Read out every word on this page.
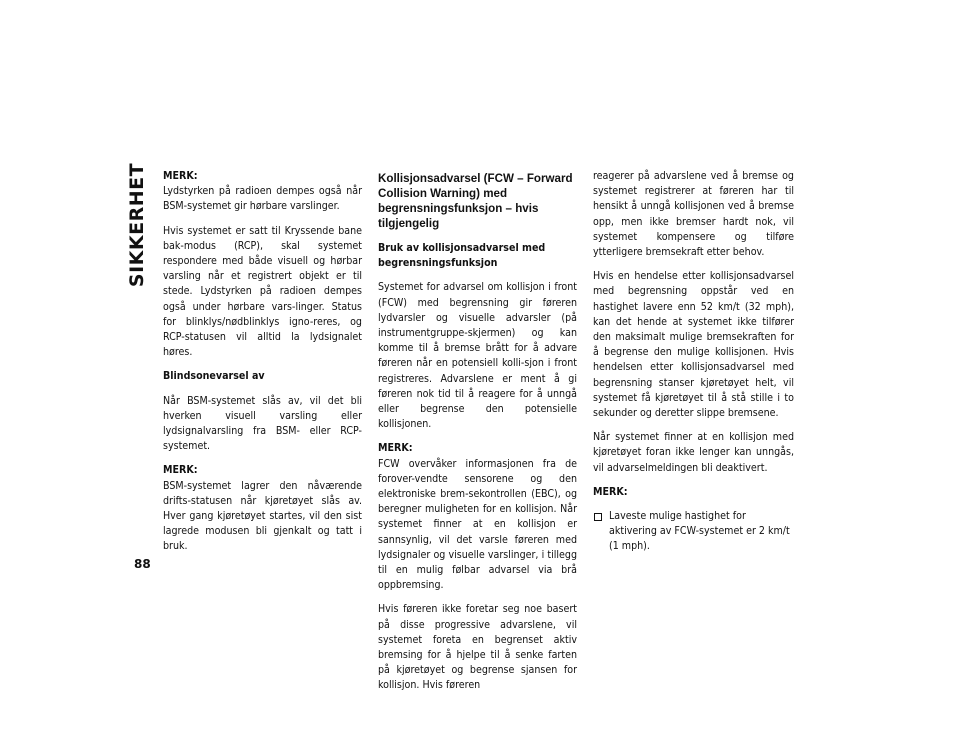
SIKKERHET MERK:
Lydstyrken på radioen dempes også når BSM-systemet gir hørbare varslinger.

Hvis systemet er satt til Kryssende bane bak-modus (RCP), skal systemet respondere med både visuell og hørbar varsling når et registrert objekt er til stede. Lydstyrken på radioen dempes også under hørbare vars-linger. Status for blinklys/nødblinklys igno-reres, og RCP-statusen vil alltid la lydsignalet høres.

Blindsonevarsel av

Når BSM-systemet slås av, vil det bli hverken visuell varsling eller lydsignalvarsling fra BSM- eller RCP-systemet.

MERK:
BSM-systemet lagrer den nåværende drifts-statusen når kjøretøyet slås av. Hver gang kjøretøyet startes, vil den sist lagrede modusen bli gjenkalt og tatt i bruk.
Kollisjonsadvarsel (FCW – Forward Collision Warning) med begrensningsfunksjon – hvis tilgjengelig
Bruk av kollisjonsadvarsel med begrensningsfunksjon

Systemet for advarsel om kollisjon i front (FCW) med begrensning gir føreren lydvarsler og visuelle advarsler (på instrumentgruppe-skjermen) og kan komme til å bremse brått for å advare føreren når en potensiell kolli-sjon i front registreres. Advarslene er ment å gi føreren nok tid til å reagere for å unngå eller begrense den potensielle kollisjonen.

MERK:
FCW overvåker informasjonen fra de forover-vendte sensorene og den elektroniske brem-sekontrollen (EBC), og beregner muligheten for en kollisjon. Når systemet finner at en kollisjon er sannsynlig, vil det varsle føreren med lydsignaler og visuelle varslinger, i tillegg til en mulig følbar advarsel via brå oppbremsing.

Hvis føreren ikke foretar seg noe basert på disse progressive advarslene, vil systemet foreta en begrenset aktiv bremsing for å hjelpe til å senke farten på kjøretøyet og begrense sjansen for kollisjon. Hvis føreren

reagerer på advarslene ved å bremse og systemet registrerer at føreren har til hensikt å unngå kollisjonen ved å bremse opp, men ikke bremser hardt nok, vil systemet kompensere og tilføre ytterligere bremsekraft etter behov.

Hvis en hendelse etter kollisjonsadvarsel med begrensning oppstår ved en hastighet lavere enn 52 km/t (32 mph), kan det hende at systemet ikke tilfører den maksimalt mulige bremsekraften for å begrense den mulige kollisjonen. Hvis hendelsen etter kollisjonsadvarsel med begrensning stanser kjøretøyet helt, vil systemet få kjøretøyet til å stå stille i to sekunder og deretter slippe bremsene.

Når systemet finner at en kollisjon med kjøretøyet foran ikke lenger kan unngås, vil advarselmeldingen bli deaktivert.

MERK:
Laveste mulige hastighet for aktivering av FCW-systemet er 2 km/t (1 mph).
88
